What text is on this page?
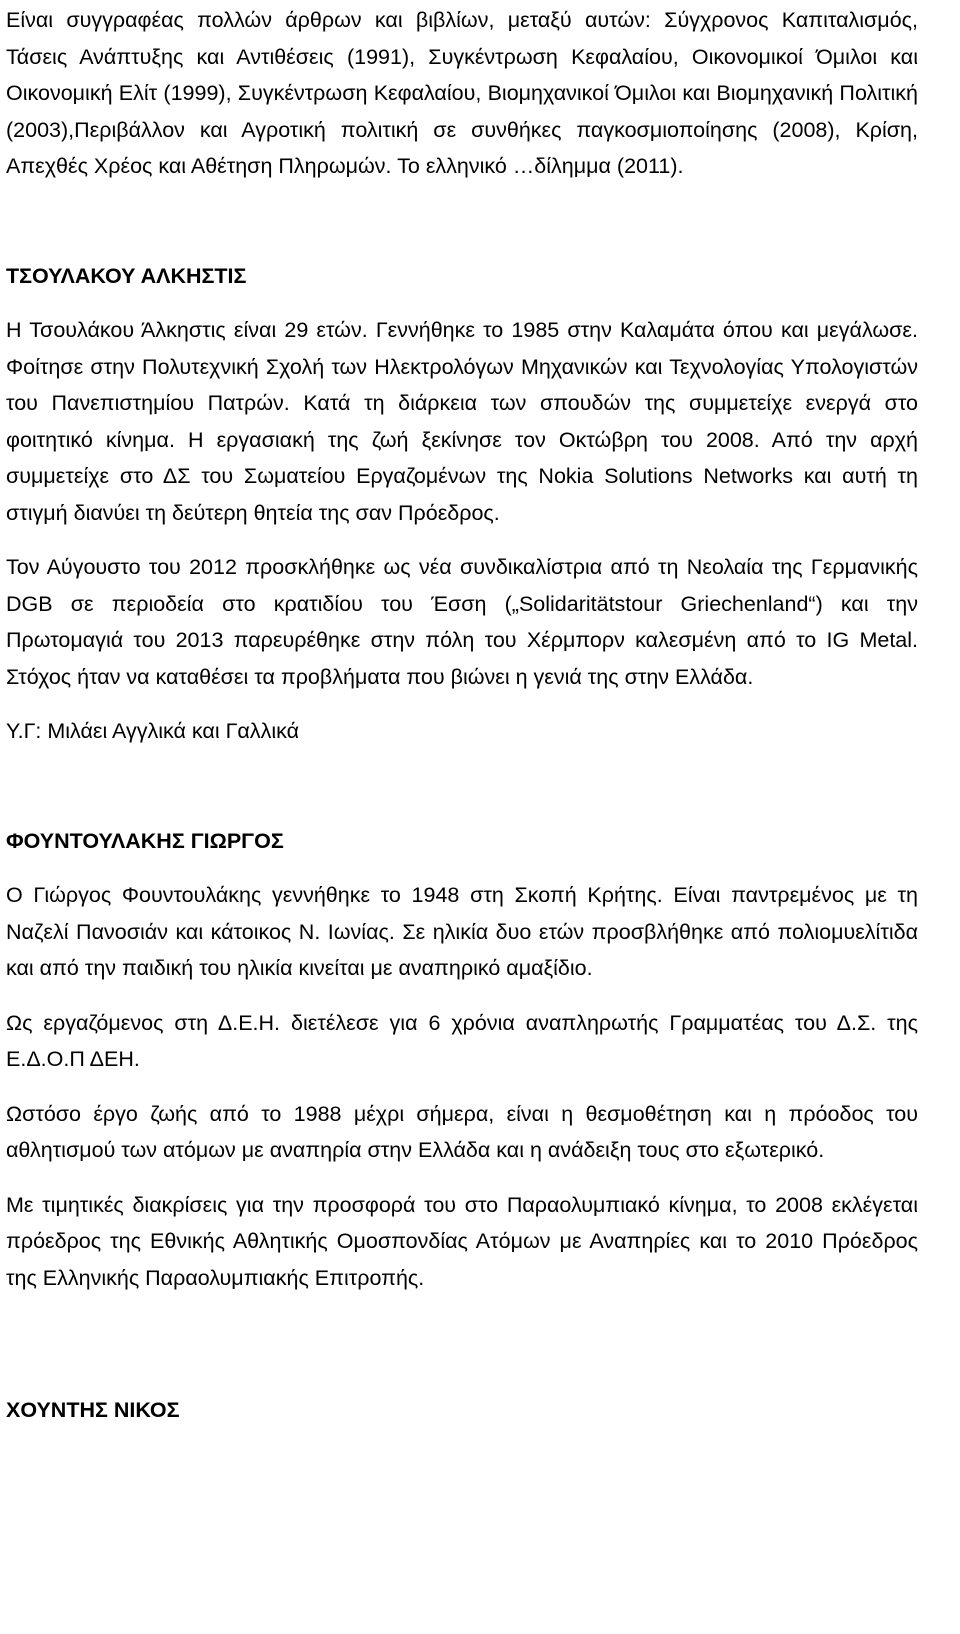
Είναι συγγραφέας πολλών άρθρων και βιβλίων, μεταξύ αυτών: Σύγχρονος Καπιταλισμός, Τάσεις Ανάπτυξης και Αντιθέσεις (1991), Συγκέντρωση Κεφαλαίου, Οικονομικοί Όμιλοι και Οικονομική Ελίτ (1999), Συγκέντρωση Κεφαλαίου, Βιομηχανικοί Όμιλοι και Βιομηχανική Πολιτική (2003),Περιβάλλον και Αγροτική πολιτική σε συνθήκες παγκοσμιοποίησης (2008), Κρίση, Απεχθές Χρέος και Αθέτηση Πληρωμών. Το ελληνικό …δίλημμα (2011).

ΤΣΟΥΛΑΚΟΥ ΑΛΚΗΣΤΙΣ

Η Τσουλάκου Άλκηστις είναι 29 ετών. Γεννήθηκε το 1985 στην Καλαμάτα όπου και μεγάλωσε. Φοίτησε στην Πολυτεχνική Σχολή των Ηλεκτρολόγων Μηχανικών και Τεχνολογίας Υπολογιστών του Πανεπιστημίου Πατρών. Κατά τη διάρκεια των σπουδών της συμμετείχε ενεργά στο φοιτητικό κίνημα. Η εργασιακή της ζωή ξεκίνησε τον Οκτώβρη του 2008. Από την αρχή συμμετείχε στο ΔΣ του Σωματείου Εργαζομένων της Nokia Solutions Networks και αυτή τη στιγμή διανύει τη δεύτερη θητεία της σαν Πρόεδρος.

Τον Αύγουστο του 2012 προσκλήθηκε ως νέα συνδικαλίστρια από τη Νεολαία της Γερμανικής DGB σε περιοδεία στο κρατιδίου του Έσση („Solidaritätstour Griechenland“) και την Πρωτομαγιά του 2013 παρευρέθηκε στην πόλη του Χέρμπορν καλεσμένη από το IG Metal. Στόχος ήταν να καταθέσει τα προβλήματα που βιώνει η γενιά της στην Ελλάδα.

Υ.Γ: Μιλάει Αγγλικά και Γαλλικά

ΦΟΥΝΤΟΥΛΑΚΗΣ ΓΙΩΡΓΟΣ

Ο Γιώργος Φουντουλάκης γεννήθηκε το 1948 στη Σκοπή Κρήτης. Είναι παντρεμένος με τη Ναζελί Πανοσιάν και κάτοικος Ν. Ιωνίας. Σε ηλικία δυο ετών προσβλήθηκε από πολιομυελίτιδα και από την παιδική του ηλικία κινείται με αναπηρικό αμαξίδιο.

Ως εργαζόμενος στη Δ.Ε.Η. διετέλεσε για 6 χρόνια αναπληρωτής Γραμματέας του Δ.Σ. της Ε.Δ.Ο.Π ΔΕΗ.

Ωστόσο έργο ζωής από το 1988 μέχρι σήμερα, είναι η θεσμοθέτηση και η πρόοδος του αθλητισμού των ατόμων με αναπηρία στην Ελλάδα και η ανάδειξη τους στο εξωτερικό.

Με τιμητικές διακρίσεις για την προσφορά του στο Παραολυμπιακό κίνημα, το 2008 εκλέγεται πρόεδρος της Εθνικής Αθλητικής Ομοσπονδίας Ατόμων με Αναπηρίες και το 2010 Πρόεδρος της Ελληνικής Παραολυμπιακής Επιτροπής.

ΧΟΥΝΤΗΣ ΝΙΚΟΣ
